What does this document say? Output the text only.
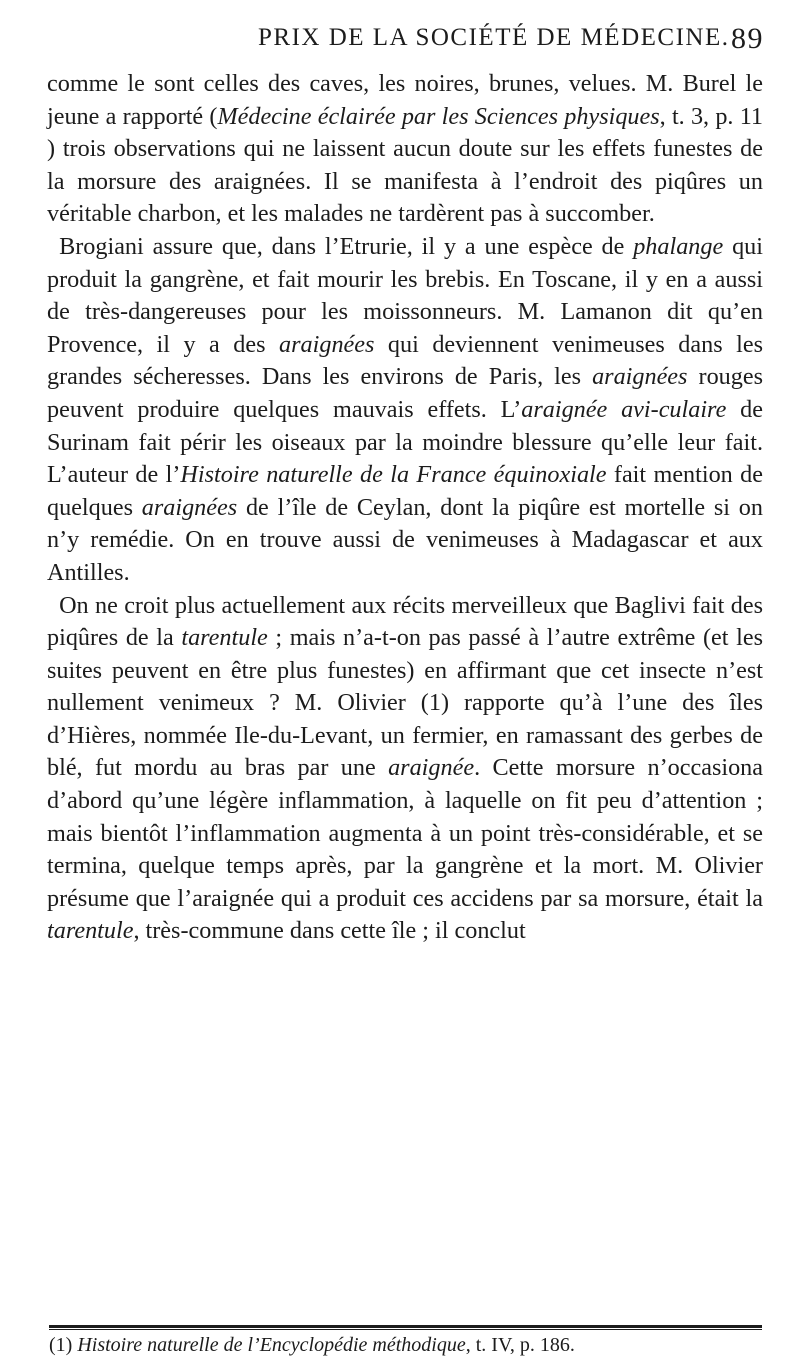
PRIX DE LA SOCIÉTÉ DE MÉDECINE. 89

comme le sont celles des caves, les noires, brunes, velues. M. Burel le jeune a rapporté (Médecine éclairée par les Sciences physiques, t. 3, p. 11 ) trois observations qui ne laissent aucun doute sur les effets funestes de la morsure des araignées. Il se manifesta à l’endroit des piqûres un véritable charbon, et les malades ne tardèrent pas à succomber.

Brogiani assure que, dans l’Etrurie, il y a une espèce de phalange qui produit la gangrène, et fait mourir les brebis. En Toscane, il y en a aussi de très-dangereuses pour les moissonneurs. M. Lamanon dit qu’en Provence, il y a des araignées qui deviennent venimeuses dans les grandes sécheresses. Dans les environs de Paris, les araignées rouges peuvent produire quelques mauvais effets. L’araignée avi-culaire de Surinam fait périr les oiseaux par la moindre blessure qu’elle leur fait. L’auteur de l’Histoire naturelle de la France équinoxiale fait mention de quelques araignées de l’île de Ceylan, dont la piqûre est mortelle si on n’y remédie. On en trouve aussi de venimeuses à Madagascar et aux Antilles.

On ne croit plus actuellement aux récits merveilleux que Baglivi fait des piqûres de la tarentule ; mais n’a-t-on pas passé à l’autre extrême (et les suites peuvent en être plus funestes) en affirmant que cet insecte n’est nullement venimeux ? M. Olivier (1) rapporte qu’à l’une des îles d’Hières, nommée Ile-du-Levant, un fermier, en ramassant des gerbes de blé, fut mordu au bras par une araignée. Cette morsure n’occasiona d’abord qu’une légère inflammation, à laquelle on fit peu d’attention ; mais bientôt l’inflammation augmenta à un point très-considérable, et se termina, quelque temps après, par la gangrène et la mort. M. Olivier présume que l’araignée qui a produit ces accidens par sa morsure, était la tarentule, très-commune dans cette île ; il conclut

(1) Histoire naturelle de l’Encyclopédie méthodique, t. IV, p. 186.
